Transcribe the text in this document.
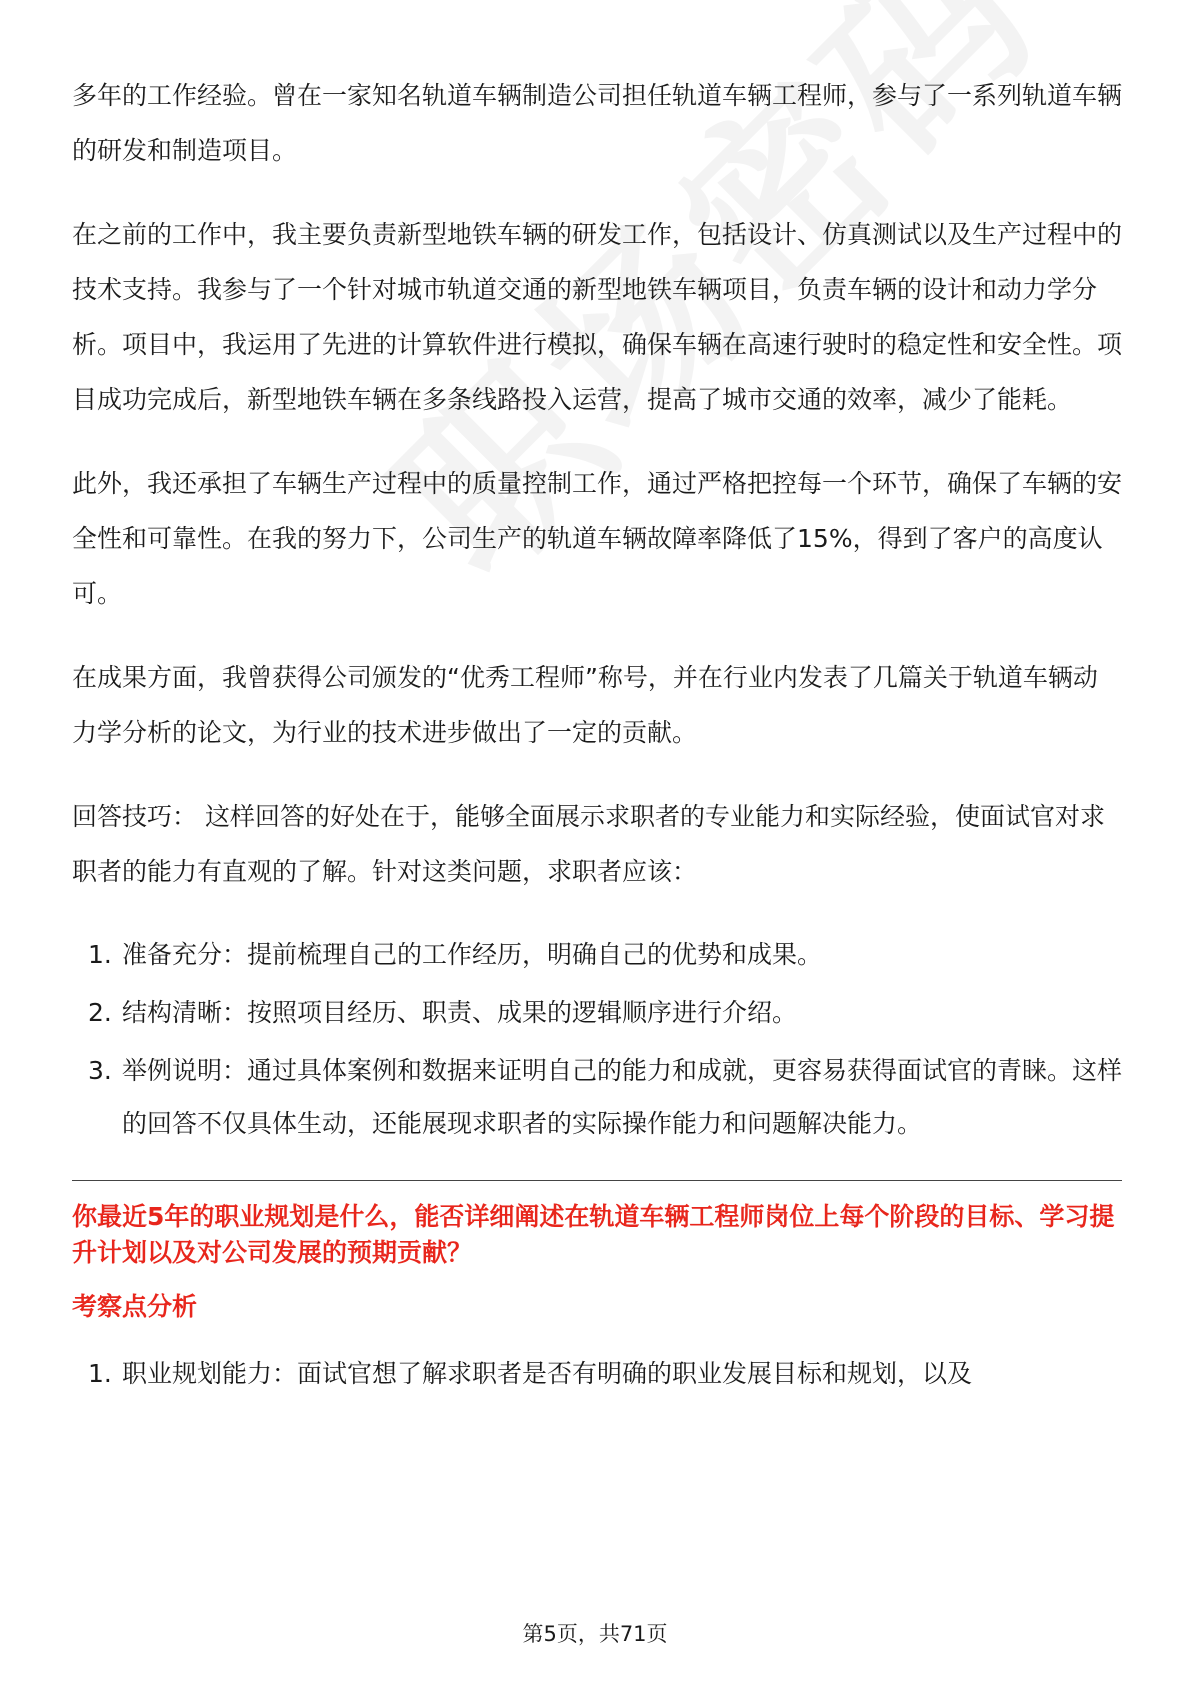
多年的工作经验。曾在一家知名轨道车辆制造公司担任轨道车辆工程师，参与了一系列轨道车辆的研发和制造项目。

在之前的工作中，我主要负责新型地铁车辆的研发工作，包括设计、仿真测试以及生产过程中的技术支持。我参与了一个针对城市轨道交通的新型地铁车辆项目，负责车辆的设计和动力学分析。项目中，我运用了先进的计算软件进行模拟，确保车辆在高速行驶时的稳定性和安全性。项目成功完成后，新型地铁车辆在多条线路投入运营，提高了城市交通的效率，减少了能耗。

此外，我还承担了车辆生产过程中的质量控制工作，通过严格把控每一个环节，确保了车辆的安全性和可靠性。在我的努力下，公司生产的轨道车辆故障率降低了15%，得到了客户的高度认可。

在成果方面，我曾获得公司颁发的“优秀工程师”称号，并在行业内发表了几篇关于轨道车辆动力学分析的论文，为行业的技术进步做出了一定的贡献。

回答技巧： 这样回答的好处在于，能够全面展示求职者的专业能力和实际经验，使面试官对求职者的能力有直观的了解。针对这类问题，求职者应该：

1. 准备充分：提前梳理自己的工作经历，明确自己的优势和成果。
2. 结构清晰：按照项目经历、职责、成果的逻辑顺序进行介绍。
3. 举例说明：通过具体案例和数据来证明自己的能力和成就，更容易获得面试官的青睐。这样的回答不仅具体生动，还能展现求职者的实际操作能力和问题解决能力。

你最近5年的职业规划是什么，能否详细阐述在轨道车辆工程师岗位上每个阶段的目标、学习提升计划以及对公司发展的预期贡献？

考察点分析

1. 职业规划能力：面试官想了解求职者是否有明确的职业发展目标和规划，以及
第5页，共71页
